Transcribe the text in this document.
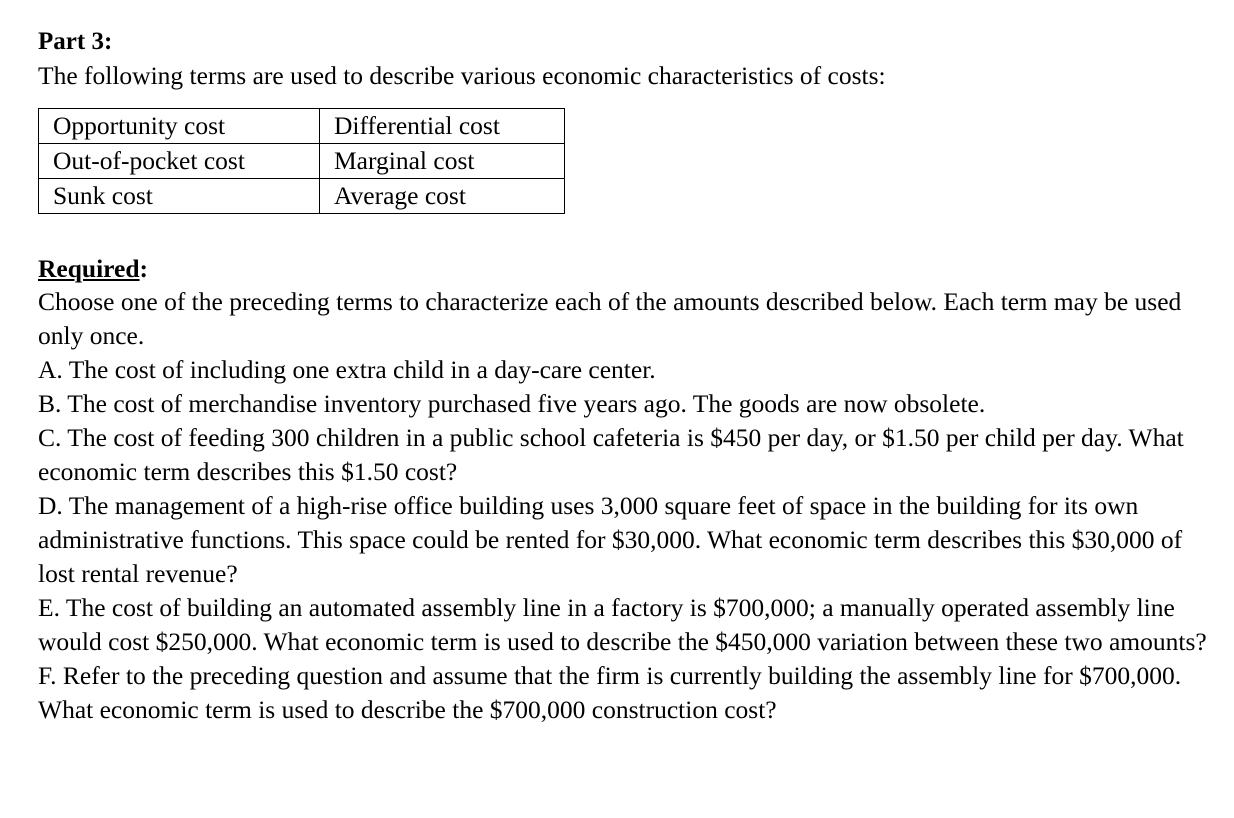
Part 3:

The following terms are used to describe various economic characteristics of costs:

Opportunity cost	Differential cost
Out-of-pocket cost	Marginal cost
Sunk cost	Average cost

Required:

Choose one of the preceding terms to characterize each of the amounts described below. Each term may be used only once.

A. The cost of including one extra child in a day-care center.

B. The cost of merchandise inventory purchased five years ago. The goods are now obsolete.

C. The cost of feeding 300 children in a public school cafeteria is $450 per day, or $1.50 per child per day. What economic term describes this $1.50 cost?

D. The management of a high-rise office building uses 3,000 square feet of space in the building for its own administrative functions. This space could be rented for $30,000. What economic term describes this $30,000 of lost rental revenue?

E. The cost of building an automated assembly line in a factory is $700,000; a manually operated assembly line would cost $250,000. What economic term is used to describe the $450,000 variation between these two amounts?

F. Refer to the preceding question and assume that the firm is currently building the assembly line for $700,000. What economic term is used to describe the $700,000 construction cost?
